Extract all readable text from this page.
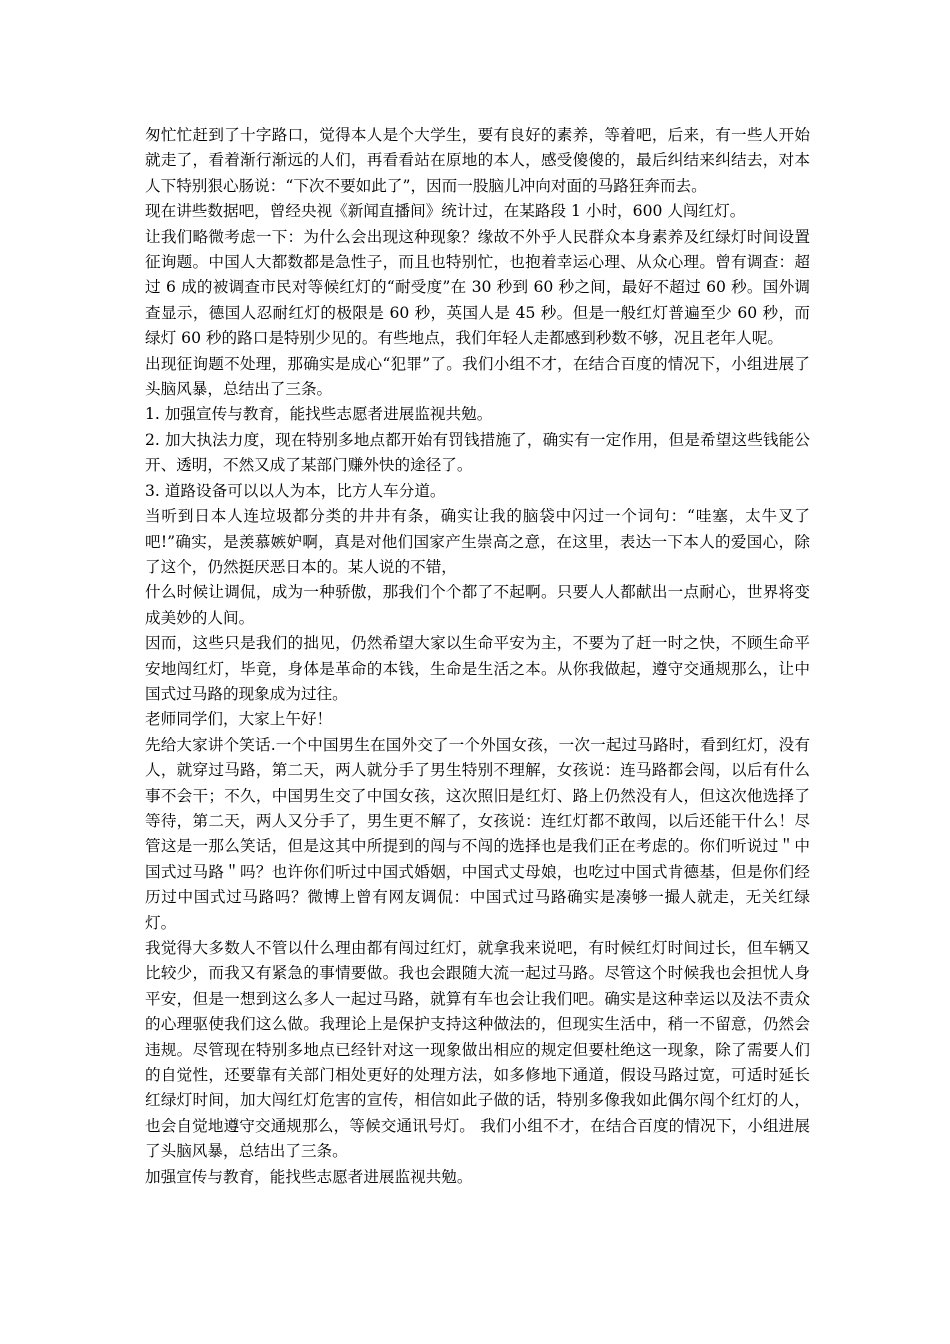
匆忙忙赶到了十字路口，觉得本人是个大学生，要有良好的素养，等着吧，后来，有一些人开始就走了，看着渐行渐远的人们，再看看站在原地的本人，感受傻傻的，最后纠结来纠结去，对本人下特别狠心肠说：“下次不要如此了”，因而一股脑儿冲向对面的马路狂奔而去。

现在讲些数据吧，曾经央视《新闻直播间》统计过，在某路段 1 小时，600 人闯红灯。

让我们略微考虑一下：为什么会出现这种现象？缘故不外乎人民群众本身素养及红绿灯时间设置征询题。中国人大都数都是急性子，而且也特别忙，也抱着幸运心理、从众心理。曾有调查：超过 6 成的被调查市民对等候红灯的“耐受度”在 30 秒到 60 秒之间，最好不超过 60 秒。国外调查显示，德国人忍耐红灯的极限是 60 秒，英国人是 45 秒。但是一般红灯普遍至少 60 秒，而绿灯 60 秒的路口是特别少见的。有些地点，我们年轻人走都感到秒数不够，况且老年人呢。

出现征询题不处理，那确实是成心“犯罪”了。我们小组不才，在结合百度的情况下，小组进展了头脑风暴，总结出了三条。

1. 加强宣传与教育，能找些志愿者进展监视共勉。

2. 加大执法力度，现在特别多地点都开始有罚钱措施了，确实有一定作用，但是希望这些钱能公开、透明，不然又成了某部门赚外快的途径了。

3. 道路设备可以以人为本，比方人车分道。

当听到日本人连垃圾都分类的井井有条，确实让我的脑袋中闪过一个词句：“哇塞，太牛叉了吧!”确实，是羡慕嫉妒啊，真是对他们国家产生崇高之意，在这里，表达一下本人的爱国心，除了这个，仍然挺厌恶日本的。某人说的不错，

什么时候让调侃，成为一种骄傲，那我们个个都了不起啊。只要人人都献出一点耐心，世界将变成美妙的人间。

因而，这些只是我们的拙见，仍然希望大家以生命平安为主，不要为了赶一时之快，不顾生命平安地闯红灯，毕竟，身体是革命的本钱，生命是生活之本。从你我做起，遵守交通规那么，让中国式过马路的现象成为过往。

老师同学们，大家上午好！

先给大家讲个笑话.一个中国男生在国外交了一个外国女孩，一次一起过马路时，看到红灯，没有人，就穿过马路，第二天，两人就分手了男生特别不理解，女孩说：连马路都会闯，以后有什么事不会干；不久，中国男生交了中国女孩，这次照旧是红灯、路上仍然没有人，但这次他选择了等待，第二天，两人又分手了，男生更不解了，女孩说：连红灯都不敢闯，以后还能干什么！尽管这是一那么笑话，但是这其中所提到的闯与不闯的选择也是我们正在考虑的。你们听说过＂中国式过马路＂吗？也许你们听过中国式婚姻，中国式丈母娘，也吃过中国式肯德基，但是你们经历过中国式过马路吗？微博上曾有网友调侃：中国式过马路确实是凑够一撮人就走，无关红绿灯。

我觉得大多数人不管以什么理由都有闯过红灯，就拿我来说吧，有时候红灯时间过长，但车辆又比较少，而我又有紧急的事情要做。我也会跟随大流一起过马路。尽管这个时候我也会担忧人身平安，但是一想到这么多人一起过马路，就算有车也会让我们吧。确实是这种幸运以及法不责众的心理驱使我们这么做。我理论上是保护支持这种做法的，但现实生活中，稍一不留意，仍然会违规。尽管现在特别多地点已经针对这一现象做出相应的规定但要杜绝这一现象，除了需要人们的自觉性，还要靠有关部门相处更好的处理方法，如多修地下通道，假设马路过宽，可适时延长红绿灯时间，加大闯红灯危害的宣传，相信如此子做的话，特别多像我如此偶尔闯个红灯的人，也会自觉地遵守交通规那么，等候交通讯号灯。 我们小组不才，在结合百度的情况下，小组进展了头脑风暴，总结出了三条。

加强宣传与教育，能找些志愿者进展监视共勉。
